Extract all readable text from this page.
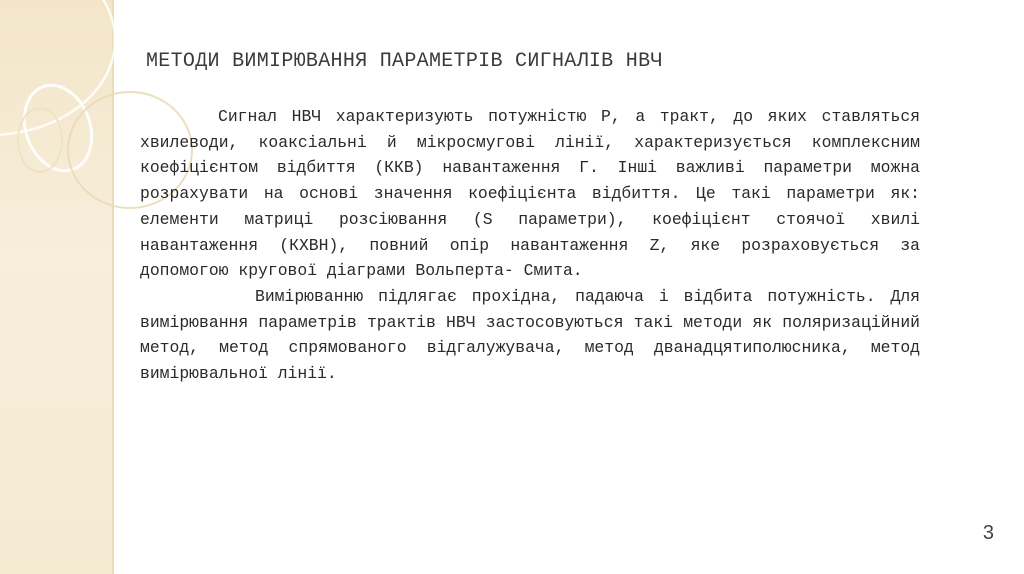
МЕТОДИ ВИМІРЮВАННЯ ПАРАМЕТРІВ СИГНАЛІВ НВЧ

Сигнал НВЧ характеризують потужністю P, а тракт, до яких ставляться хвилеводи, коаксіальні й мікросмугові лінії, характеризується комплексним коефіцієнтом відбиття (ККВ) навантаження Г. Інші важливі параметри можна розрахувати на основі значення коефіцієнта відбиття. Це такі параметри як: елементи матриці розсіювання (S параметри), коефіцієнт стоячої хвилі навантаження (КХВН), повний опір навантаження Z, яке розраховується за допомогою кругової діаграми Вольперта- Смита.

Вимірюванню підлягає прохідна, падаюча і відбита потужність. Для вимірювання параметрів трактів НВЧ застосовуються такі методи як поляризаційний метод, метод спрямованого відгалужувача, метод дванадцятиполюсника, метод вимірювальної лінії.

3
